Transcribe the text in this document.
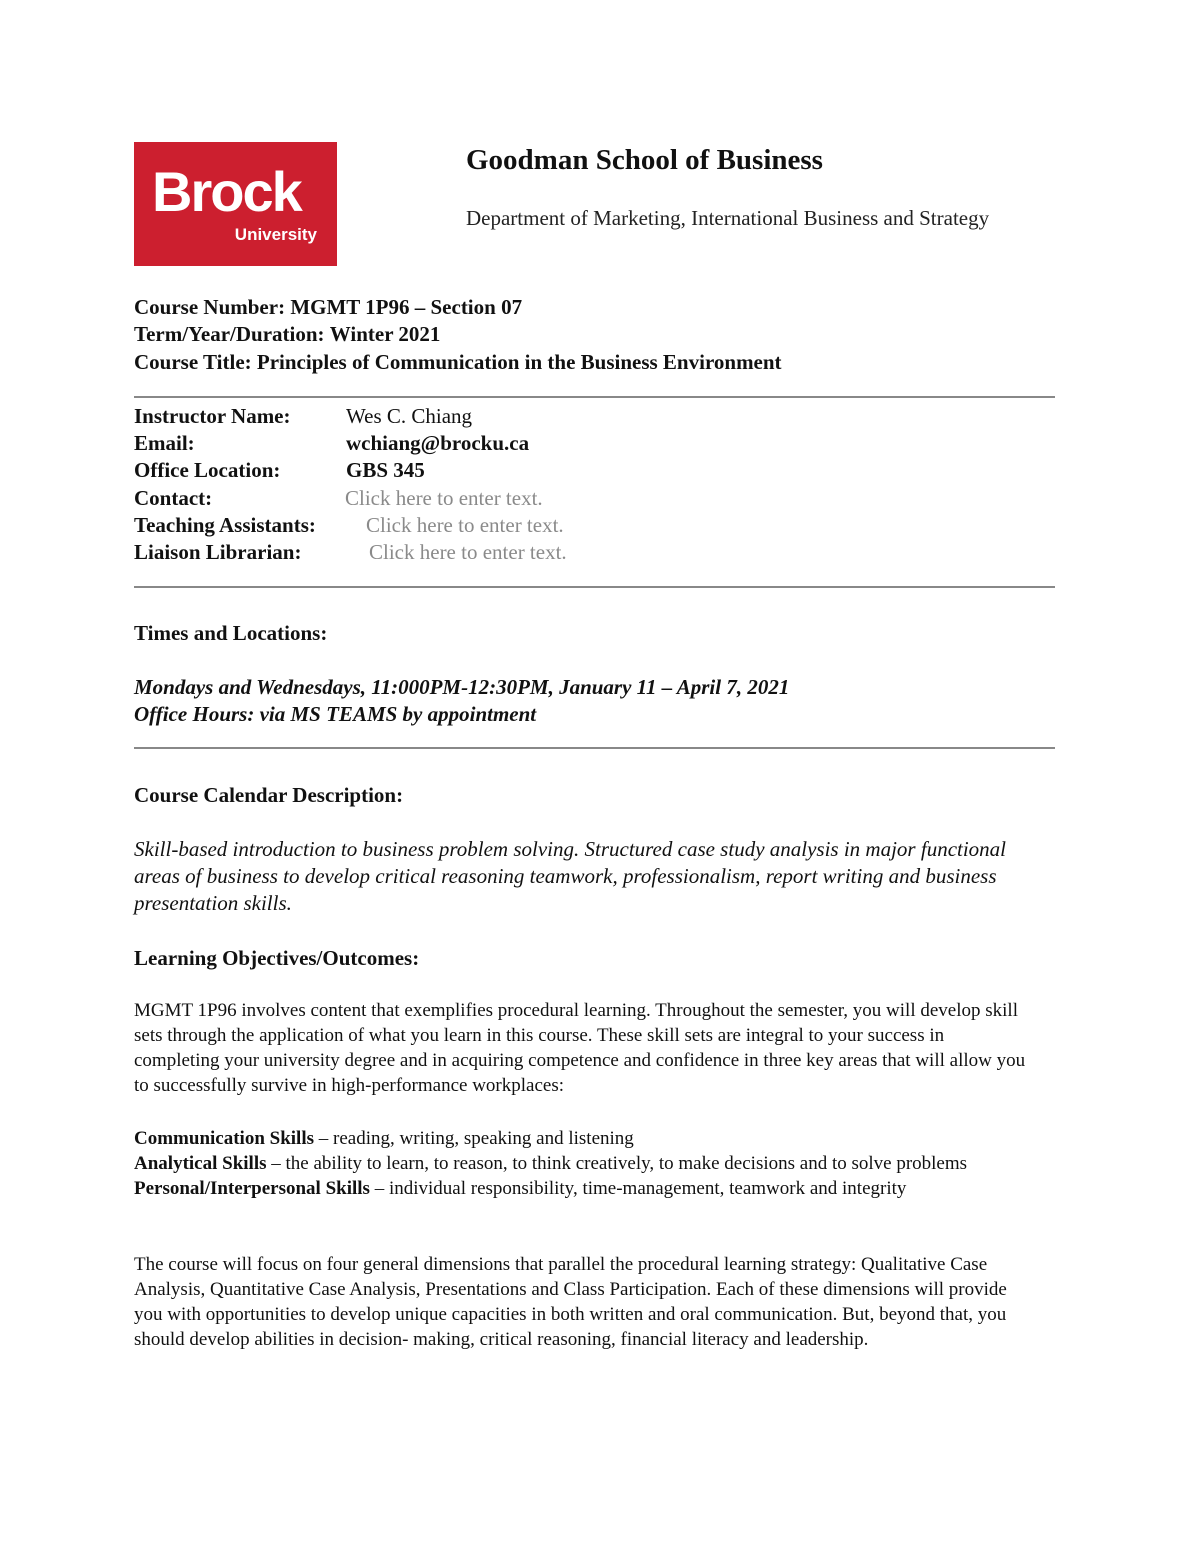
Brock
University
Goodman School of Business
Department of Marketing, International Business and Strategy
Course Number: MGMT 1P96 – Section 07
Term/Year/Duration: Winter 2021
Course Title: Principles of Communication in the Business Environment
Instructor Name:	Wes C. Chiang
Email:	wchiang@brocku.ca
Office Location:	GBS 345
Contact:	Click here to enter text.
Teaching Assistants: Click here to enter text.
Liaison Librarian:	Click here to enter text.
Times and Locations:
Mondays and Wednesdays, 11:000PM-12:30PM, January 11 – April 7, 2021
Office Hours: via MS TEAMS by appointment
Course Calendar Description:
Skill-based introduction to business problem solving. Structured case study analysis in major functional areas of business to develop critical reasoning teamwork, professionalism, report writing and business presentation skills.
Learning Objectives/Outcomes:
MGMT 1P96 involves content that exemplifies procedural learning. Throughout the semester, you will develop skill sets through the application of what you learn in this course. These skill sets are integral to your success in completing your university degree and in acquiring competence and confidence in three key areas that will allow you to successfully survive in high-performance workplaces:
Communication Skills – reading, writing, speaking and listening
Analytical Skills – the ability to learn, to reason, to think creatively, to make decisions and to solve problems
Personal/Interpersonal Skills – individual responsibility, time-management, teamwork and integrity
The course will focus on four general dimensions that parallel the procedural learning strategy: Qualitative Case Analysis, Quantitative Case Analysis, Presentations and Class Participation. Each of these dimensions will provide you with opportunities to develop unique capacities in both written and oral communication. But, beyond that, you should develop abilities in decision- making, critical reasoning, financial literacy and leadership.
